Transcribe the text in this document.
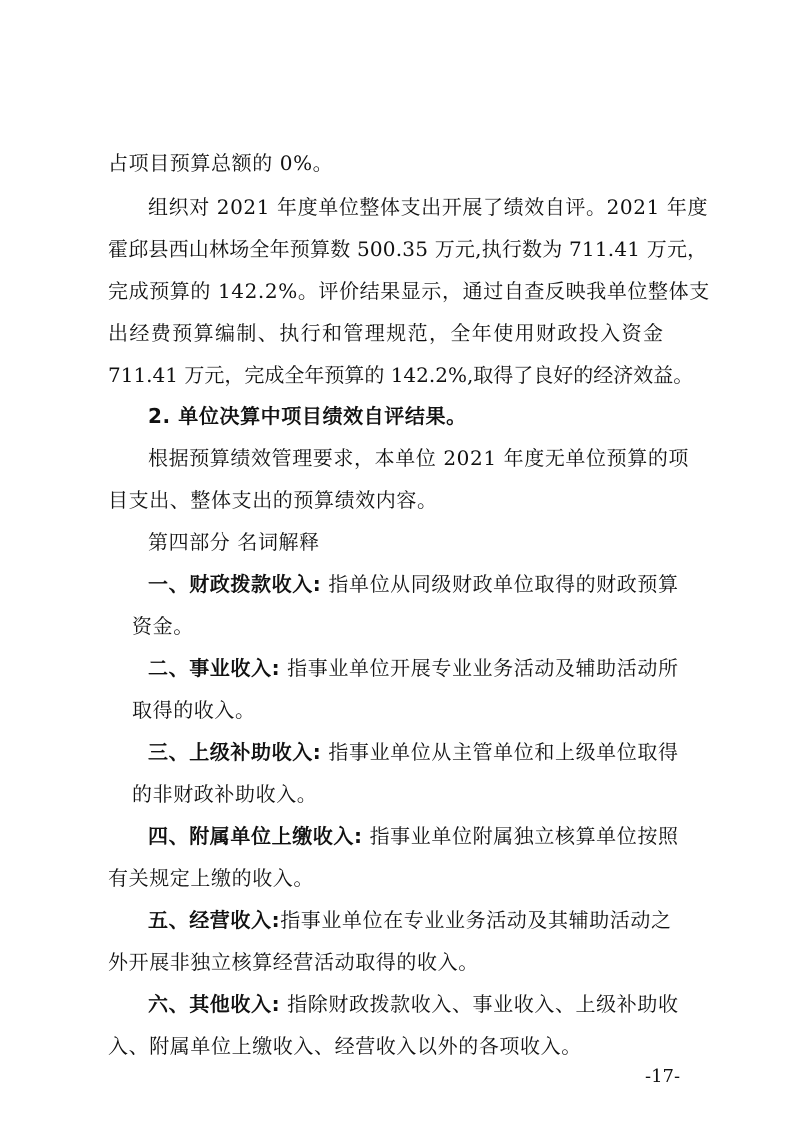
占项目预算总额的 0%。
组织对 2021 年度单位整体支出开展了绩效自评。2021 年度
霍邱县西山林场全年预算数 500.35 万元,执行数为 711.41 万元，
完成预算的 142.2%。评价结果显示，通过自查反映我单位整体支
出经费预算编制、执行和管理规范，全年使用财政投入资金
711.41 万元，完成全年预算的 142.2%,取得了良好的经济效益。
2. 单位决算中项目绩效自评结果。
根据预算绩效管理要求，本单位 2021 年度无单位预算的项
目支出、整体支出的预算绩效内容。
第四部分 名词解释
一、财政拨款收入: 指单位从同级财政单位取得的财政预算
资金。
二、事业收入: 指事业单位开展专业业务活动及辅助活动所
取得的收入。
三、上级补助收入: 指事业单位从主管单位和上级单位取得
的非财政补助收入。
四、附属单位上缴收入: 指事业单位附属独立核算单位按照
有关规定上缴的收入。
五、经营收入:指事业单位在专业业务活动及其辅助活动之
外开展非独立核算经营活动取得的收入。
六、其他收入: 指除财政拨款收入、事业收入、上级补助收
入、附属单位上缴收入、经营收入以外的各项收入。
-17-
